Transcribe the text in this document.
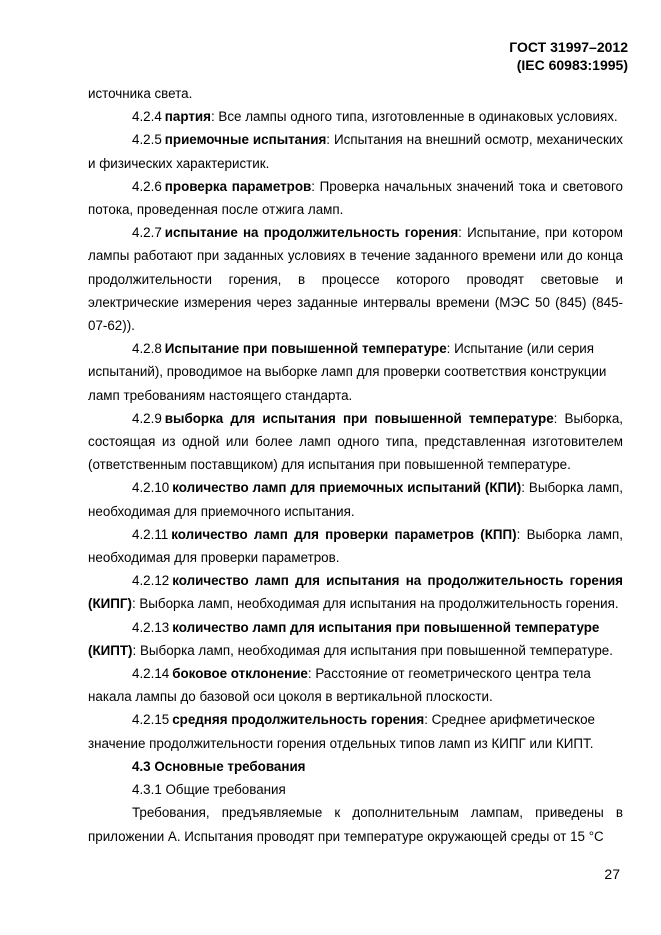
ГОСТ 31997–2012
(IEC 60983:1995)

источника света.

4.2.4 партия: Все лампы одного типа, изготовленные в одинаковых условиях.

4.2.5 приемочные испытания: Испытания на внешний осмотр, механических и физических характеристик.

4.2.6 проверка параметров: Проверка начальных значений тока и светового потока, проведенная после отжига ламп.

4.2.7 испытание на продолжительность горения: Испытание, при котором лампы работают при заданных условиях в течение заданного времени или до конца продолжительности горения, в процессе которого проводят световые и электрические измерения через заданные интервалы времени (МЭС 50 (845) (845-07-62)).

4.2.8 Испытание при повышенной температуре: Испытание (или серия испытаний), проводимое на выборке ламп для проверки соответствия конструкции ламп требованиям настоящего стандарта.

4.2.9 выборка для испытания при повышенной температуре: Выборка, состоящая из одной или более ламп одного типа, представленная изготовителем (ответственным поставщиком) для испытания при повышенной температуре.

4.2.10 количество ламп для приемочных испытаний (КПИ): Выборка ламп, необходимая для приемочного испытания.

4.2.11 количество ламп для проверки параметров (КПП): Выборка ламп, необходимая для проверки параметров.

4.2.12 количество ламп для испытания на продолжительность горения (КИПГ): Выборка ламп, необходимая для испытания на продолжительность горения.

4.2.13 количество ламп для испытания при повышенной температуре (КИПТ): Выборка ламп, необходимая для испытания при повышенной температуре.

4.2.14 боковое отклонение: Расстояние от геометрического центра тела накала лампы до базовой оси цоколя в вертикальной плоскости.

4.2.15 средняя продолжительность горения: Среднее арифметическое значение продолжительности горения отдельных типов ламп из КИПГ или КИПТ.

4.3 Основные требования

4.3.1 Общие требования

Требования, предъявляемые к дополнительным лампам, приведены в приложении А. Испытания проводят при температуре окружающей среды от 15 °С

27
